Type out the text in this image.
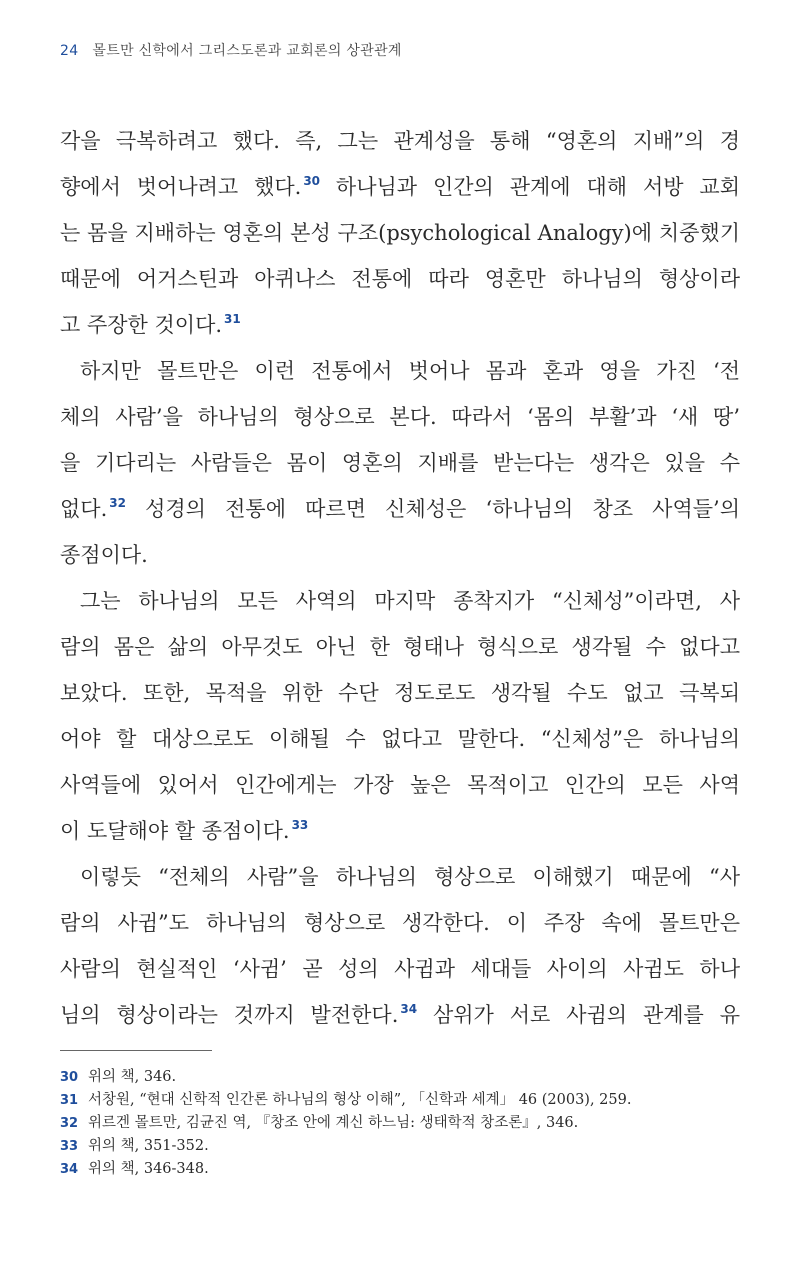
24 몰트만 신학에서 그리스도론과 교회론의 상관관계
각을 극복하려고 했다. 즉, 그는 관계성을 통해 “영혼의 지배”의 경
향에서 벗어나려고 했다. $^{30}$ 하나님과 인간의 관계에 대해 서방 교회
는 몸을 지배하는 영혼의 본성 구조(psychological Analogy)에 치중했기
때문에 어거스틴과 아퀴나스 전통에 따라 영혼만 하나님의 형상이라
고 주장한 것이다. $^{31}$
하지만 몰트만은 이런 전통에서 벗어나 몸과 혼과 영을 가진 ‘전
체의 사람’을 하나님의 형상으로 본다. 따라서 ‘몸의 부활’과 ‘새 땅’
을 기다리는 사람들은 몸이 영혼의 지배를 받는다는 생각은 있을 수
없다. $^{32}$ 성경의 전통에 따르면 신체성은 ‘하나님의 창조 사역들’의
종점이다.
그는 하나님의 모든 사역의 마지막 종착지가 “신체성”이라면, 사
람의 몸은 삶의 아무것도 아닌 한 형태나 형식으로 생각될 수 없다고
보았다. 또한, 목적을 위한 수단 정도로도 생각될 수도 없고 극복되
어야 할 대상으로도 이해될 수 없다고 말한다. “신체성”은 하나님의
사역들에 있어서 인간에게는 가장 높은 목적이고 인간의 모든 사역
이 도달해야 할 종점이다. $^{33}$
이렇듯 “전체의 사람”을 하나님의 형상으로 이해했기 때문에 “사
람의 사귐”도 하나님의 형상으로 생각한다. 이 주장 속에 몰트만은
사람의 현실적인 ‘사귐’ 곧 성의 사귐과 세대들 사이의 사귐도 하나
님의 형상이라는 것까지 발전한다. $^{34}$ 삼위가 서로 사귐의 관계를 유
30 위의 책, 346.
31 서창원, “현대 신학적 인간론 하나님의 형상 이해”, 「신학과 세계」 46 (2003), 259.
32 위르겐 몰트만, 김균진 역, 『창조 안에 계신 하느님: 생태학적 창조론』, 346.
33 위의 책, 351-352.
34 위의 책, 346-348.
